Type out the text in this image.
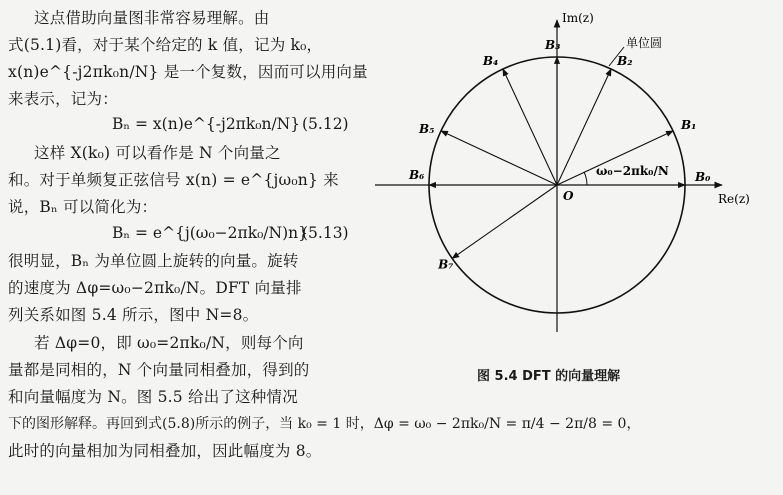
这点借助向量图非常容易理解。由
式(5.1)看，对于某个给定的 k 值，记为 k₀，
x(n)e^{-j2πk₀n/N} 是一个复数，因而可以用向量
来表示，记为：
Bₙ = x(n)e^{-j2πk₀n/N} (5.12)
这样 X(k₀) 可以看作是 N 个向量之
和。对于单频复正弦信号 x(n) = e^{jω₀n} 来
说，Bₙ 可以简化为：
Bₙ = e^{j(ω₀−2πk₀/N)n}
(5.13)
很明显，Bₙ 为单位圆上旋转的向量。旋转
的速度为 Δφ=ω₀−2πk₀/N。DFT 向量排
列关系如图 5.4 所示，图中 N=8。
若 Δφ=0，即 ω₀=2πk₀/N，则每个向
量都是同相的，N 个向量同相叠加，得到的
和向量幅度为 N。图 5.5 给出了这种情况
下的图形解释。再回到式(5.8)所示的例子，当 k₀ = 1 时，Δφ = ω₀ − 2πk₀/N = π/4 − 2π/8 = 0，
此时的向量相加为同相叠加，因此幅度为 8。
B₀
B₁
B₂
B₃
B₄
B₅
B₆
B₇
Im(z)
Re(z)
O
单位圆
ω₀−2πk₀/N
图 5.4 DFT 的向量理解
